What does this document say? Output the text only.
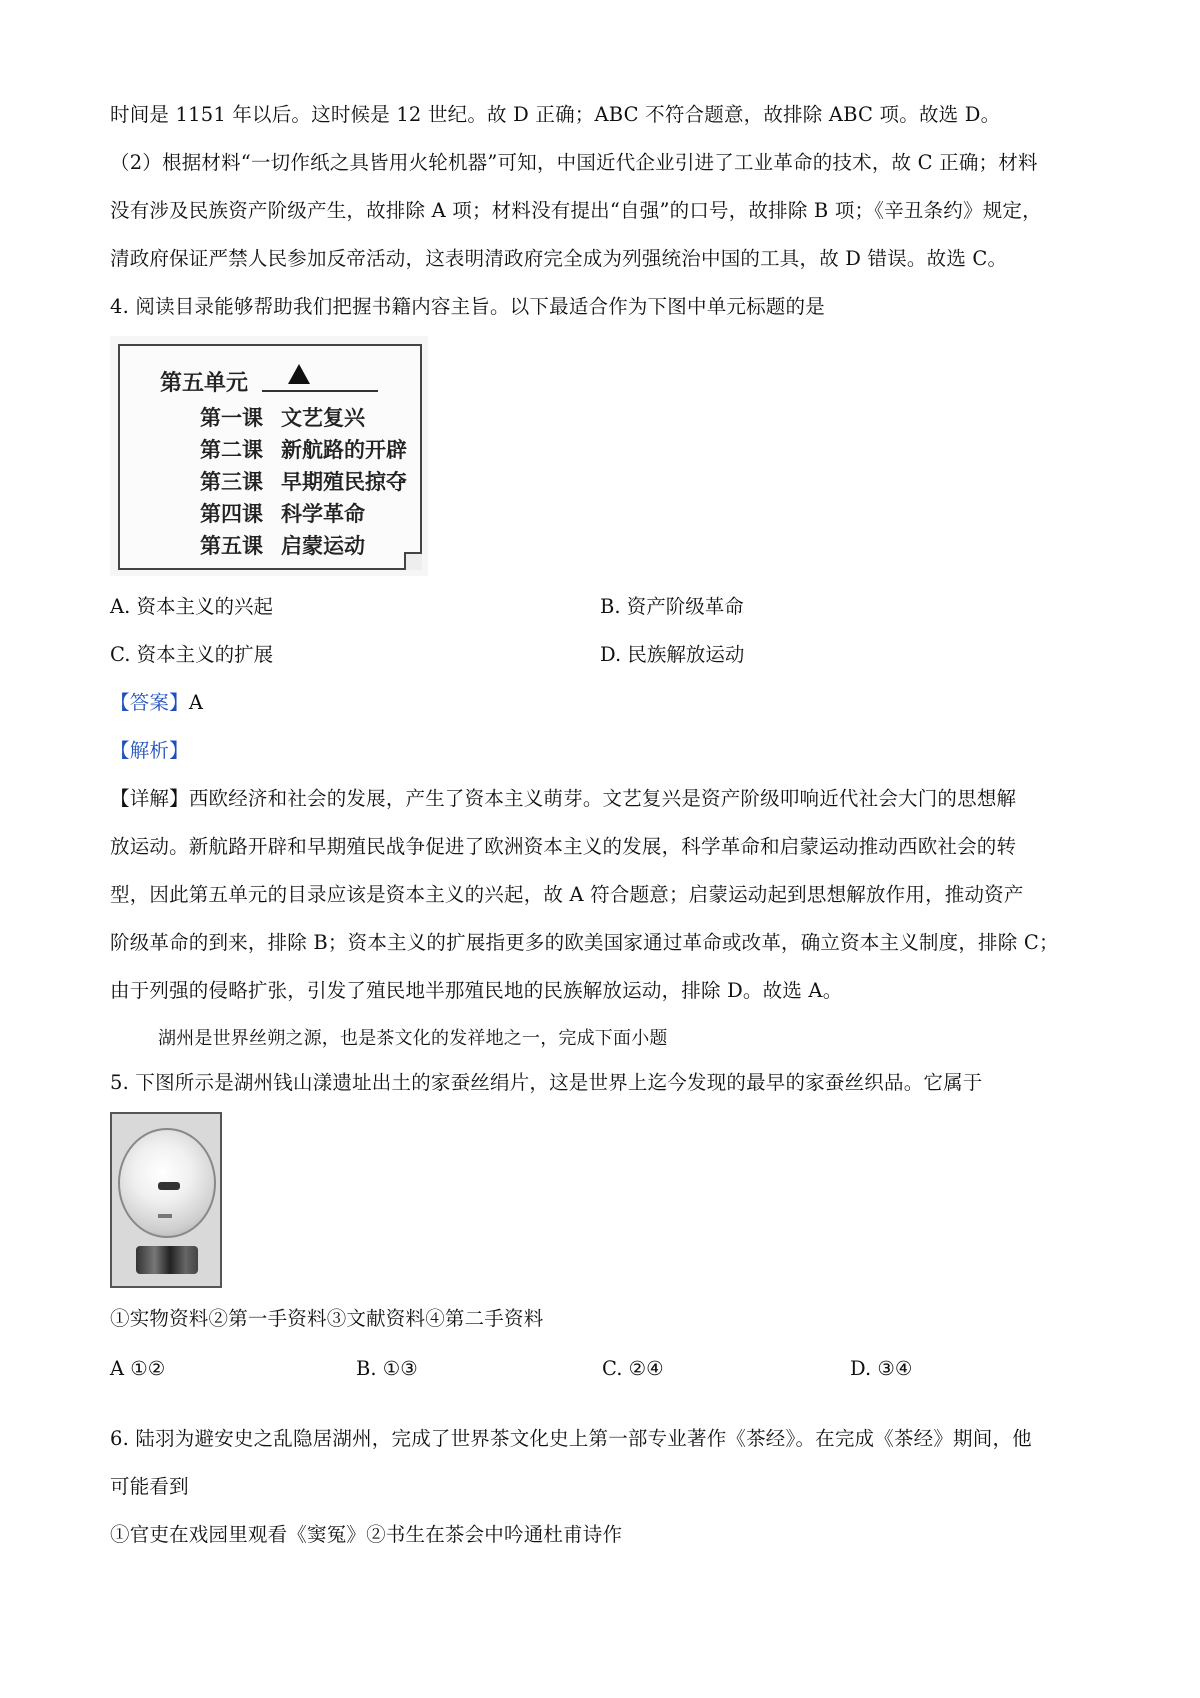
时间是 1151 年以后。这时候是 12 世纪。故 D 正确；ABC 不符合题意，故排除 ABC 项。故选 D。
（2）根据材料“一切作纸之具皆用火轮机器”可知，中国近代企业引进了工业革命的技术，故 C 正确；材料
没有涉及民族资产阶级产生，故排除 A 项；材料没有提出“自强”的口号，故排除 B 项；《辛丑条约》规定，
清政府保证严禁人民参加反帝活动，这表明清政府完全成为列强统治中国的工具，故 D 错误。故选 C。
4. 阅读目录能够帮助我们把握书籍内容主旨。以下最适合作为下图中单元标题的是
第五单元
第一课 文艺复兴
第二课 新航路的开辟
第三课 早期殖民掠夺
第四课 科学革命
第五课 启蒙运动
A. 资本主义的兴起	B. 资产阶级革命
C. 资本主义的扩展	D. 民族解放运动
【答案】A
【解析】
【详解】西欧经济和社会的发展，产生了资本主义萌芽。文艺复兴是资产阶级叩响近代社会大门的思想解
放运动。新航路开辟和早期殖民战争促进了欧洲资本主义的发展，科学革命和启蒙运动推动西欧社会的转
型，因此第五单元的目录应该是资本主义的兴起，故 A 符合题意；启蒙运动起到思想解放作用，推动资产
阶级革命的到来，排除 B；资本主义的扩展指更多的欧美国家通过革命或改革，确立资本主义制度，排除 C；
由于列强的侵略扩张，引发了殖民地半那殖民地的民族解放运动，排除 D。故选 A。
湖州是世界丝朔之源，也是茶文化的发祥地之一，完成下面小题
5. 下图所示是湖州钱山漾遗址出土的家蚕丝绢片，这是世界上迄今发现的最早的家蚕丝织品。它属于
①实物资料②第一手资料③文献资料④第二手资料
A ①②	B. ①③	C. ②④	D. ③④
6. 陆羽为避安史之乱隐居湖州，完成了世界茶文化史上第一部专业著作《茶经》。在完成《茶经》期间，他
可能看到
①官吏在戏园里观看《窦冤》②书生在茶会中吟通杜甫诗作
